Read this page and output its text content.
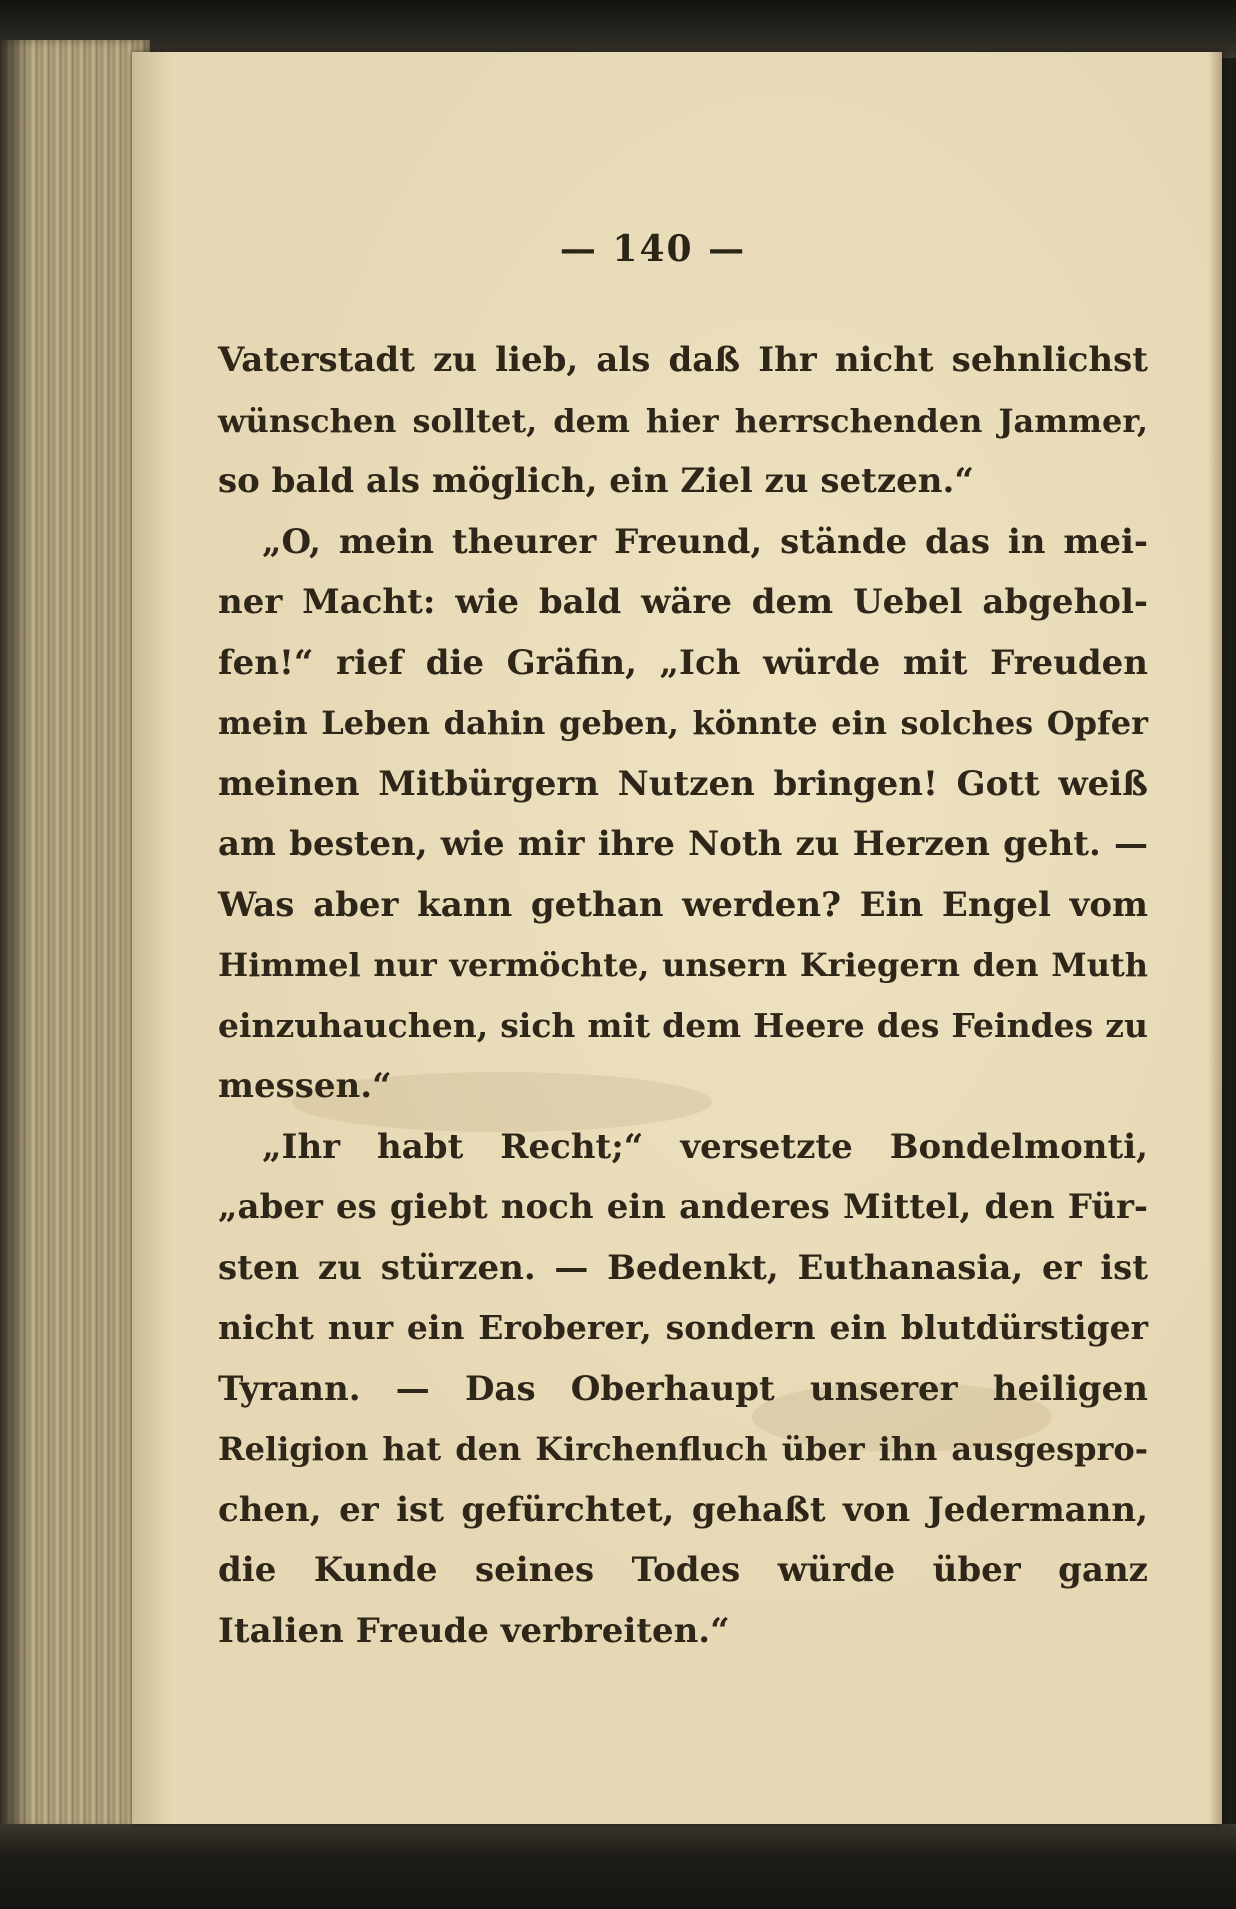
— 140 —
Vaterstadt zu lieb, als daß Ihr nicht sehnlichst
wünschen solltet, dem hier herrschenden Jammer,
so bald als möglich, ein Ziel zu setzen.“
„O, mein theurer Freund, stände das in mei-
ner Macht: wie bald wäre dem Uebel abgehol-
fen!“ rief die Gräfin, „Ich würde mit Freuden
mein Leben dahin geben, könnte ein solches Opfer
meinen Mitbürgern Nutzen bringen! Gott weiß
am besten, wie mir ihre Noth zu Herzen geht. —
Was aber kann gethan werden? Ein Engel vom
Himmel nur vermöchte, unsern Kriegern den Muth
einzuhauchen, sich mit dem Heere des Feindes zu
messen.“
„Ihr habt Recht;“ versetzte Bondelmonti,
„aber es giebt noch ein anderes Mittel, den Für-
sten zu stürzen. — Bedenkt, Euthanasia, er ist
nicht nur ein Eroberer, sondern ein blutdürstiger
Tyrann. — Das Oberhaupt unserer heiligen
Religion hat den Kirchenfluch über ihn ausgespro-
chen, er ist gefürchtet, gehaßt von Jedermann,
die Kunde seines Todes würde über ganz
Italien Freude verbreiten.“
